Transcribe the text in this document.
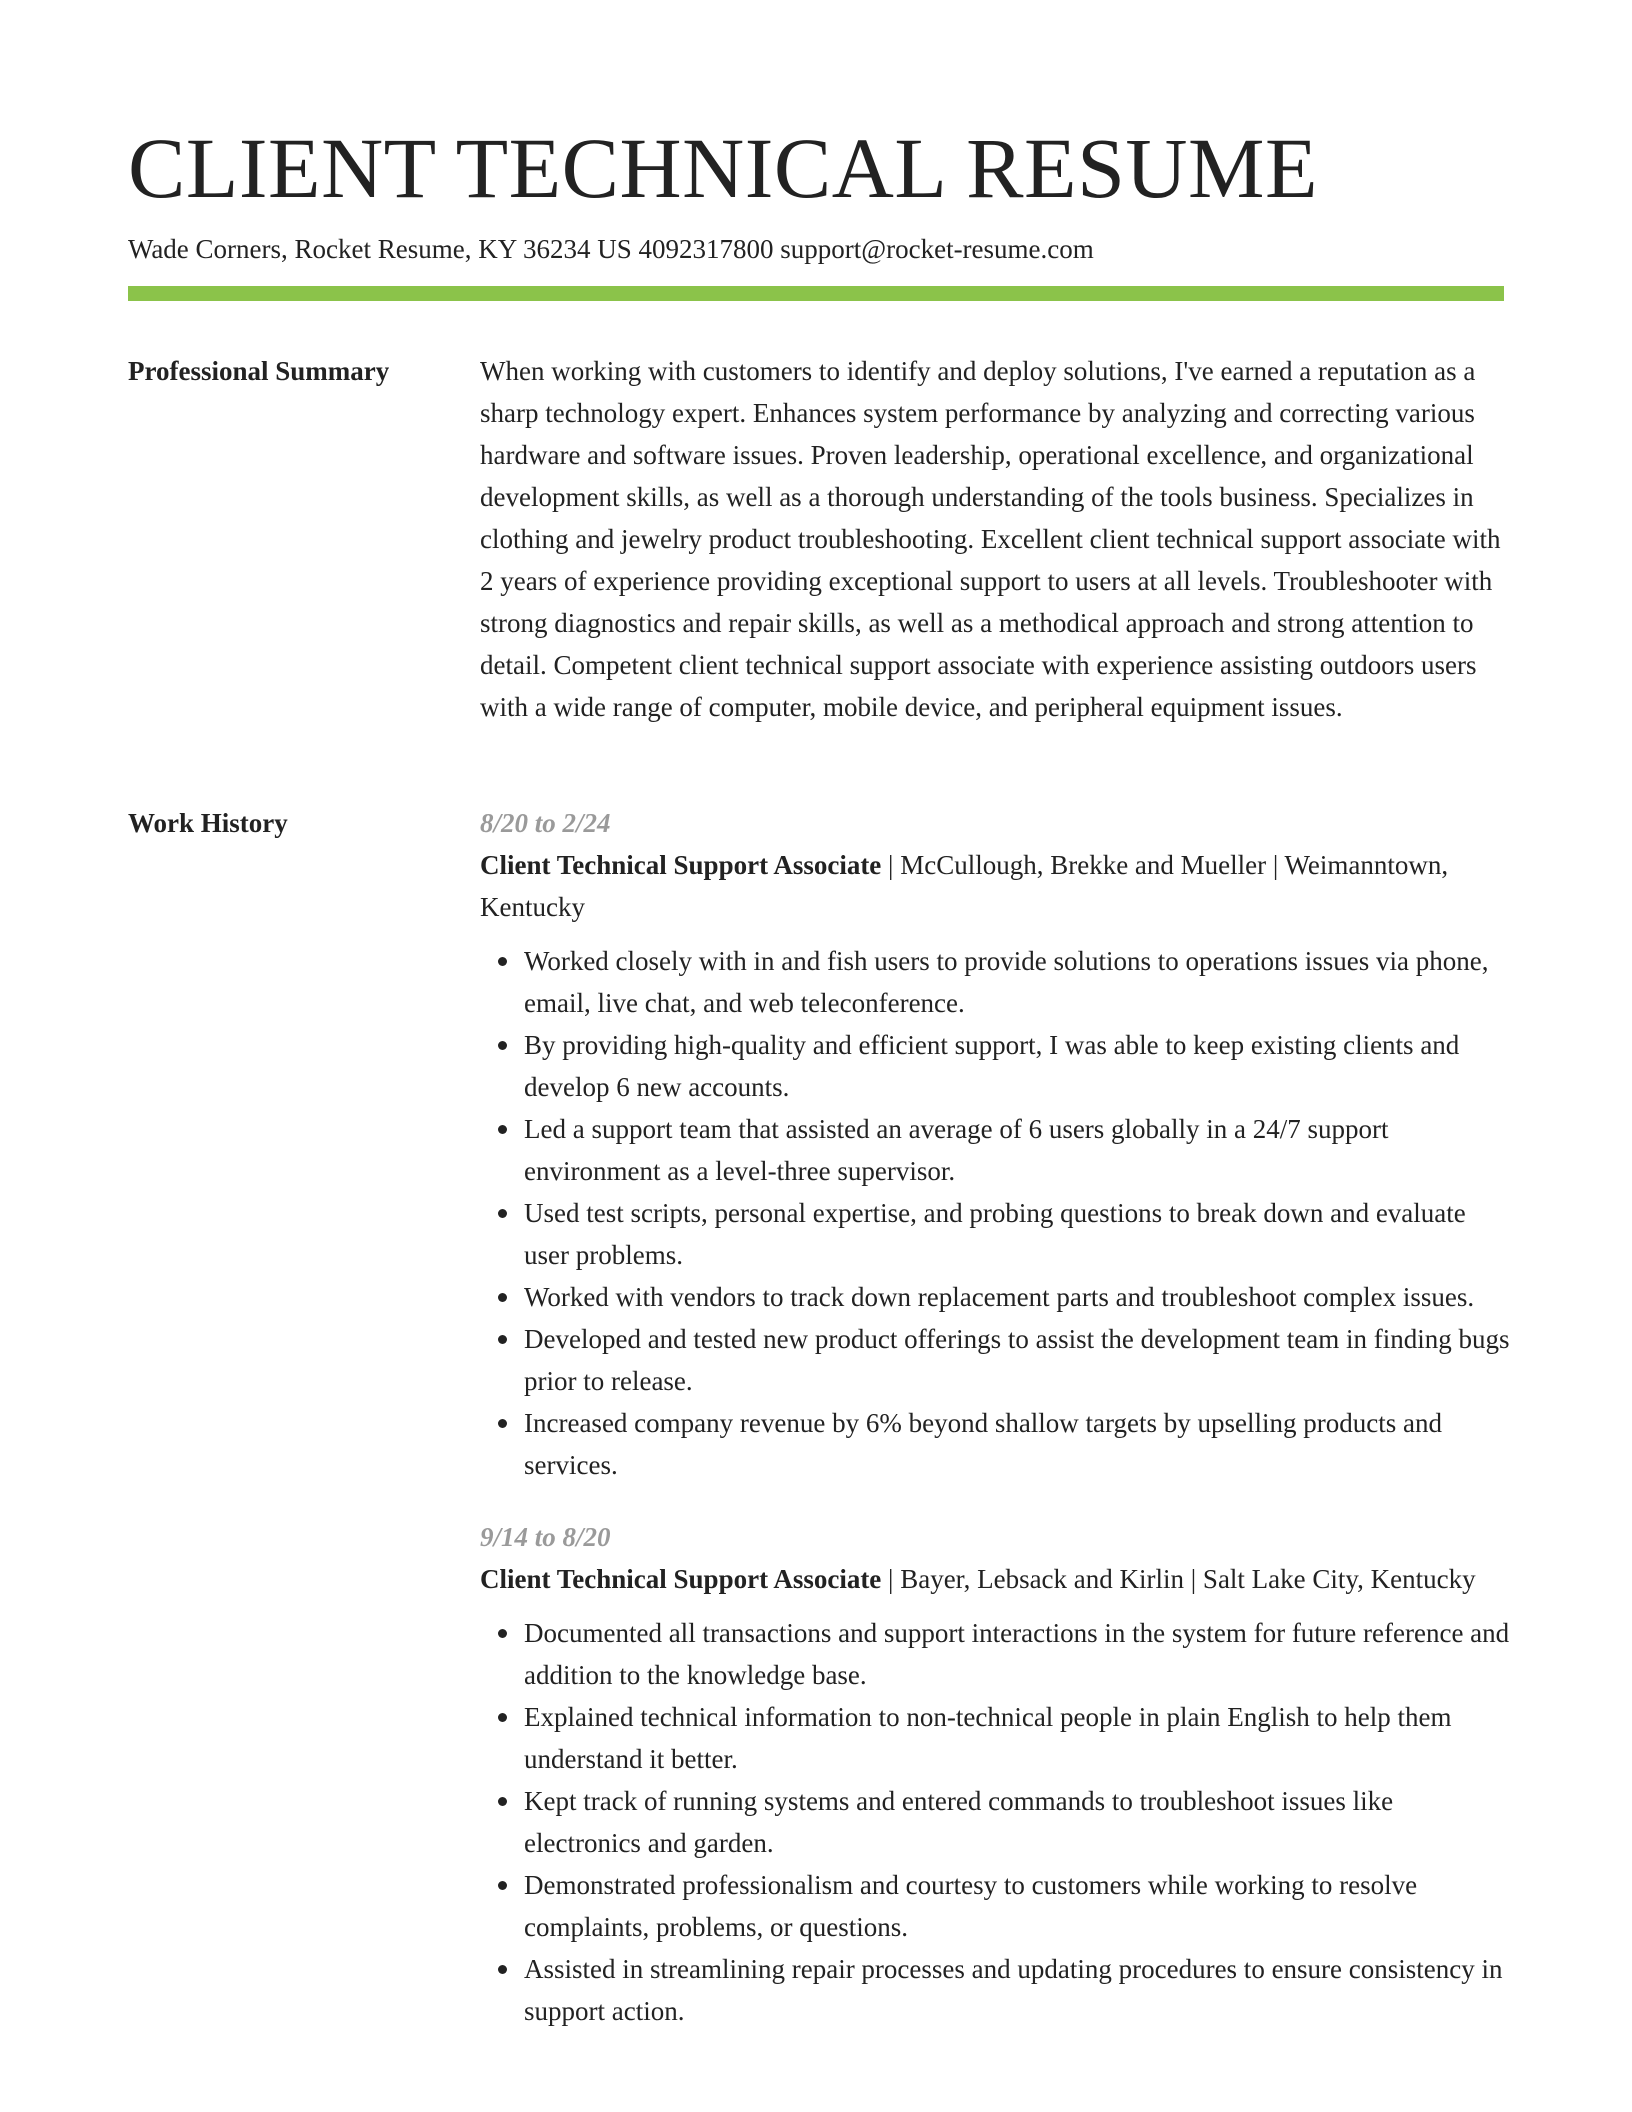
CLIENT TECHNICAL RESUME
Wade Corners, Rocket Resume, KY 36234 US 4092317800 support@rocket-resume.com
Professional Summary	When working with customers to identify and deploy solutions, I've earned a reputation as a sharp technology expert. Enhances system performance by analyzing and correcting various hardware and software issues. Proven leadership, operational excellence, and organizational development skills, as well as a thorough understanding of the tools business. Specializes in clothing and jewelry product troubleshooting. Excellent client technical support associate with 2 years of experience providing exceptional support to users at all levels. Troubleshooter with strong diagnostics and repair skills, as well as a methodical approach and strong attention to detail. Competent client technical support associate with experience assisting outdoors users with a wide range of computer, mobile device, and peripheral equipment issues.

Work History	8/20 to 2/24
Client Technical Support Associate | McCullough, Brekke and Mueller | Weimanntown, Kentucky
Worked closely with in and fish users to provide solutions to operations issues via phone, email, live chat, and web teleconference.
By providing high-quality and efficient support, I was able to keep existing clients and develop 6 new accounts.
Led a support team that assisted an average of 6 users globally in a 24/7 support environment as a level-three supervisor.
Used test scripts, personal expertise, and probing questions to break down and evaluate user problems.
Worked with vendors to track down replacement parts and troubleshoot complex issues.
Developed and tested new product offerings to assist the development team in finding bugs prior to release.
Increased company revenue by 6% beyond shallow targets by upselling products and services.
9/14 to 8/20
Client Technical Support Associate | Bayer, Lebsack and Kirlin | Salt Lake City, Kentucky
Documented all transactions and support interactions in the system for future reference and addition to the knowledge base.
Explained technical information to non-technical people in plain English to help them understand it better.
Kept track of running systems and entered commands to troubleshoot issues like electronics and garden.
Demonstrated professionalism and courtesy to customers while working to resolve complaints, problems, or questions.
Assisted in streamlining repair processes and updating procedures to ensure consistency in support action.
